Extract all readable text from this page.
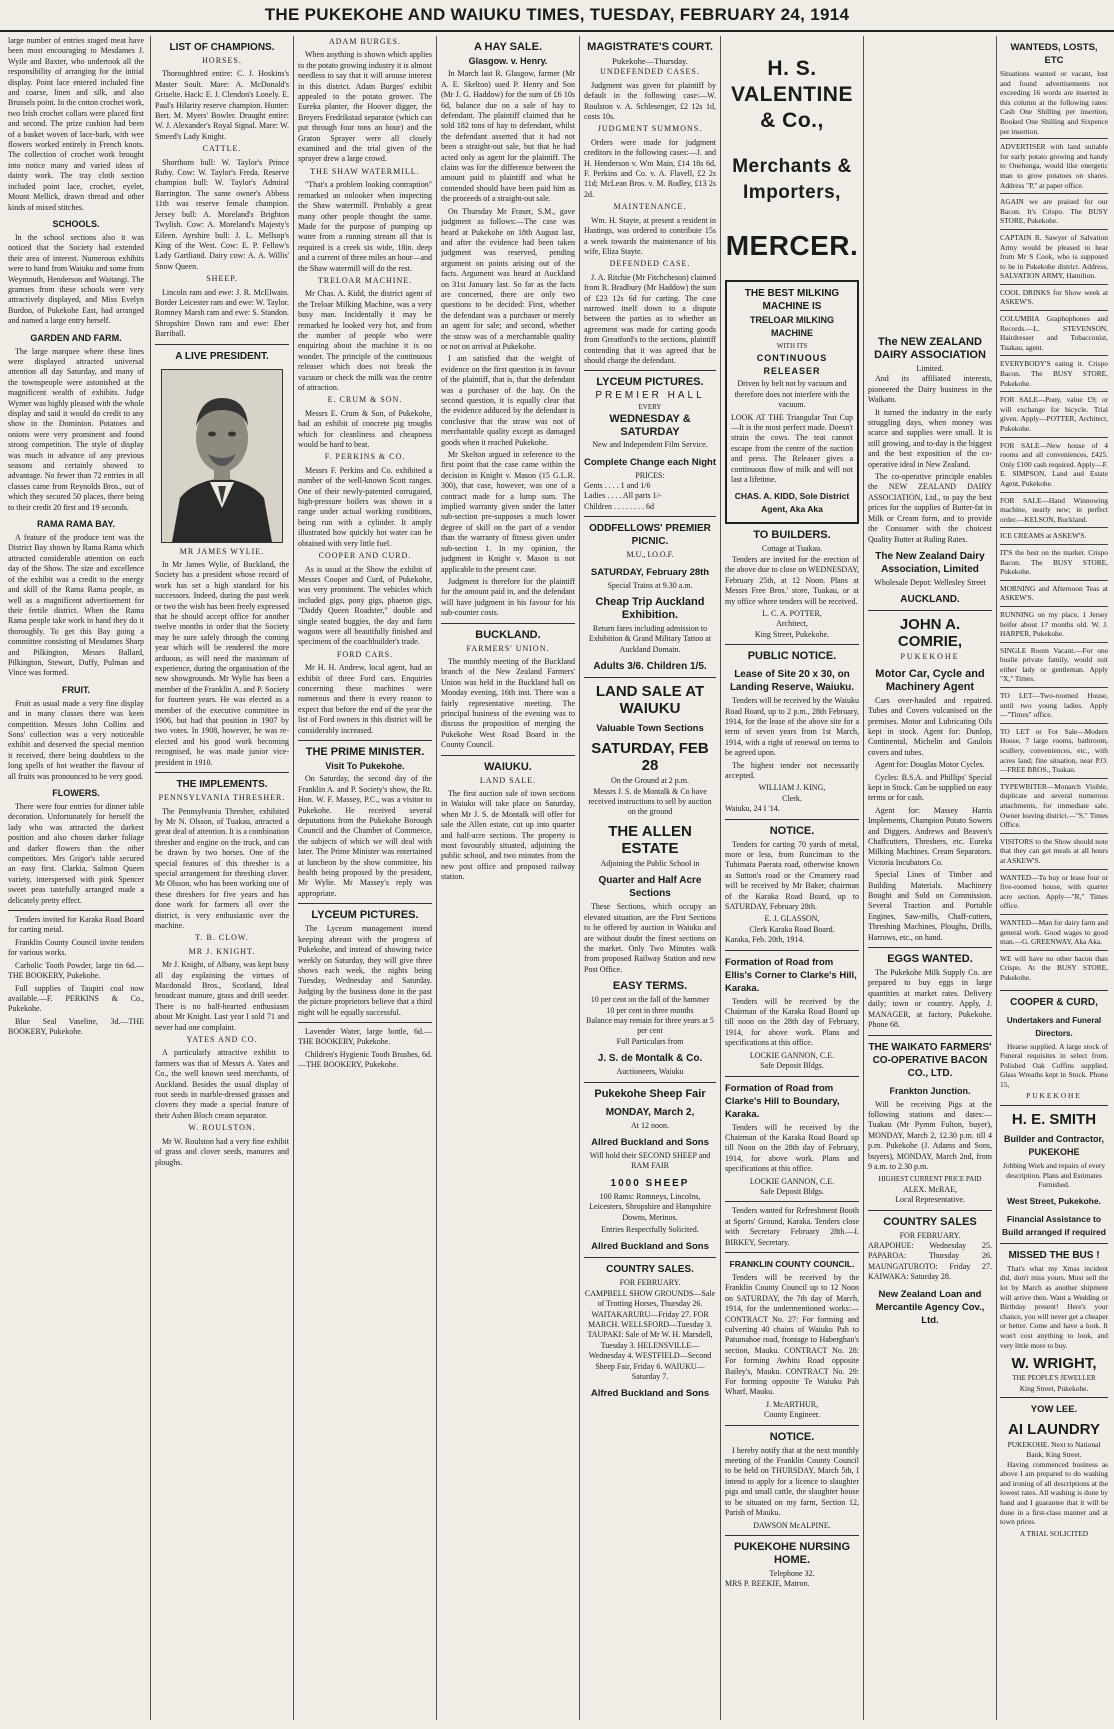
THE PUKEKOHE AND WAIUKU TIMES, TUESDAY, FEBRUARY 24, 1914

large number of entries staged meat have been most encouraging to Mesdames J. Wyile and Baxter, who undertook all the responsibility of arranging for the initial display. Point lace entered included fine and coarse, linen and silk, and also Brussels point. In the cotton crochet work, two Irish crochet collars were placed first and second. The prize cushion had been of a basket woven of lace-bark, with wee flowers worked entirely in French knots. The collection of crochet work brought into notice many and varied ideas of dainty work. The tray cloth section included point lace, crochet, eyelet, Mount Mellick, drawn thread and other kinds of mixed stitches.

SCHOOLS.

In the school sections also it was noticed that the Society had extended their area of interest. Numerous exhibits were to hand from Waiuku and some from Weymouth, Henderson and Waitangi. The gramses from these schools were very attractively displayed, and Miss Evelyn Burdon, of Pukekohe East, had arranged and named a large entry herself.

GARDEN AND FARM.

The large marquee where these lines were displayed attracted universal attention all day Saturday, and many of the townspeople were astonished at the magnificent wealth of exhibits. Judge Wymer was highly pleased with the whole display and said it would do credit to any show in the Dominion. Potatoes and onions were very prominent and found strong competition. The style of display was much in advance of any previous seasons and certainly showed to advantage. No fewer than 72 entries in all classes came from Reynolds Bros., out of which they secured 50 places, there being to their credit 20 first and 19 seconds.

RAMA RAMA BAY.

A feature of the produce tent was the District Bay shown by Rama Rama which attracted considerable attention on each day of the Show. The size and excellence of the exhibit was a credit to the energy and skill of the Rama Rama people, as well as a magnificent advertisement for their fertile district. When the Rama Rama people take work in hand they do it thoroughly. To get this Bay going a committee consisting of Mesdames Sharp and Pilkington, Messrs Ballard, Pilkington, Stewart, Duffy, Pulman and Vince was formed.

FRUIT.

Fruit as usual made a very fine display and in many classes there was keen competition. Messrs John Collins and Sons' collection was a very noticeable exhibit and deserved the special mention it received, there being doubtless to the long spells of hot weather the flavour of all fruits was pronounced to be very good.

FLOWERS.

There were four entries for dinner table decoration. Unfortunately for herself the lady who was attracted the darkest position and also chosen darker foliage and darker flowers than the other competitors. Mrs Grigor's table secured an easy first. Clarkia, Salmon Queen variety, interspersed with pink Spencer sweet peas tastefully arranged made a delicately pretty effect.

Tenders invited for Karaka Road Board for carting metal.

Franklin County Council invite tenders for various works.

Carbolic Tooth Powder, large tin 6d.—THE BOOKERY, Pukekohe.

Full supplies of Taupiri coal now available.—F. PERKINS & Co., Pukekohe.

Blue Seal Vaseline, 3d.—THE BOOKERY, Pukekohe.

LIST OF CHAMPIONS.
HORSES.

Thoroughbred entire: C. J. Hoskins's Master Soult. Mare: A. McDonald's Griselte. Hack: E. J. Clendon's Lonely. E. Paul's Hilarity reserve champion. Hunter: Bert. M. Myers' Bowler. Draught entire: W. J. Alexander's Royal Signal. Mare: W. Smeed's Lady Knight.

CATTLE.

Shorthorn bull: W. Taylor's Prince Ruby. Cow: W. Taylor's Freda. Reserve champion bull: W. Taylor's Admiral Barrington. The same owner's Abbess 11th was reserve female champion. Jersey bull: A. Moreland's Brighton Twylish. Cow: A. Moreland's Majesty's Eileen. Ayrshire bull: J. L. Mellsop's King of the West. Cow: E. P. Fellow's Lady Gartliand. Dairy cow: A. A. Willis' Snow Queen.

SHEEP.

Lincoln ram and ewe: J. R. McElwain. Border Leicester ram and ewe: W. Taylor. Romney Marsh ram and ewe: S. Standon. Shropshire Down ram and ewe: Eber Barriball.

A LIVE PRESIDENT.
MR JAMES WYLIE.

In Mr James Wylie, of Buckland, the Society has a president whose record of work has set a high standard for his successors. Indeed, during the past week or two the wish has been freely expressed that he should accept office for another twelve months in order that the Society may be sure safely through the coming year which will be rendered the more arduous, as will need the maximum of experience, during the organisation of the new showgrounds. Mr Wylie has been a member of the Franklin A. and P. Society for fourteen years. He was elected as a member of the executive committee in 1906, but had that position in 1907 by two votes. In 1908, however, he was re-elected and his good work becoming recognised, he was made junior vice-president in 1910.

THE IMPLEMENTS.
PENNSYLVANIA THRESHER.

The Pennsylvania Thresher, exhibited by Mr N. Olsson, of Tuakau, attracted a great deal of attention. It is a combination thresher and engine on the truck, and can be drawn by two horses. One of the special features of this thresher is a special arrangement for threshing clover. Mr Olsson, who has been working one of these threshers for five years and has done work for farmers all over the district, is very enthusiastic over the machine.

T. B. CLOW.
MR J. KNIGHT.

Mr J. Knight, of Albany, was kept busy all day explaining the virtues of Macdonald Bros., Scotland, Ideal broadcast manure, grass and drill seeder. There is no half-hearted enthusiasm about Mr Knight. Last year I sold 71 and never had one complaint.

YATES AND CO.

A particularly attractive exhibit to farmers was that of Messrs A. Yates and Co., the well known seed merchants, of Auckland. Besides the usual display of root seeds in marble-dressed grasses and clovers they made a special feature of their Ashen Bloch cream separator.

W. ROULSTON.

Mr W. Roulston had a very fine exhibit of grass and clover seeds, manures and ploughs.

ADAM BURGES.

When anything is shown which applies to the potato growing industry it is almost needless to say that it will arouse interest in this district. Adam Burges' exhibit appealed to the potato grower. The Eureka planter, the Hoover digger, the Breyers Fredrikstad separator (which can put through four tons an hour) and the Graton Sprayer were all closely examined and the trial given of the sprayer drew a large crowd.

THE SHAW WATERMILL.

"That's a problem looking contraption" remarked an onlooker when inspecting the Shaw watermill. Probably a great many other people thought the same. Made for the purpose of pumping up water from a running stream all that is required is a creek six wide, 18in. deep and a current of three miles an hour—and the Shaw watermill will do the rest.

TRELOAR MACHINE.

Mr Chas. A. Kidd, the district agent of the Treloar Milking Machine, was a very busy man. Incidentally it may be remarked he looked very hot, and from the number of people who were enquiring about the machine it is no wonder. The principle of the continuous releaser which does not break the vacuum or check the milk was the centre of attraction.

E. CRUM & SON.

Messrs E. Crum & Son, of Pukekohe, had an exhibit of concrete pig troughs which for cleanliness and cheapness would be hard to beat.

F. PERKINS & CO.

Messrs F. Perkins and Co. exhibited a number of the well-known Scott ranges. One of their newly-patented corrugated, high-pressure boilers was shown in a range under actual working conditions, being run with a cylinder. It amply illustrated how quickly hot water can be obtained with very little fuel.

COOPER AND CURD.

As is usual at the Show the exhibit of Messrs Cooper and Curd, of Pukekohe, was very prominent. The vehicles which included gigs, pony gigs, phaeton gigs, "Daddy Queen Roadster," double and single seated buggies, the day and farm wagons were all beautifully finished and specimens of the coachbuilder's trade.

FORD CARS.

Mr H. H. Andrew, local agent, had an exhibit of three Ford cars. Enquiries concerning these machines were numerous and there is every reason to expect that before the end of the year the list of Ford owners in this district will be considerably increased.

THE PRIME MINISTER.
Visit To Pukekohe.

On Saturday, the second day of the Franklin A. and P. Society's show, the Rt. Hon. W. F. Massey, P.C., was a visitor to Pukekohe. He received several deputations from the Pukekohe Borough Council and the Chamber of Commerce, the subjects of which we will deal with later. The Prime Minister was entertained at luncheon by the show committee, his health being proposed by the president, Mr Wylie. Mr Massey's reply was appropriate.

LYCEUM PICTURES.

The Lyceum management intend keeping abreast with the progress of Pukekohe, and instead of showing twice weekly on Saturday, they will give three shows each week, the nights being Tuesday, Wednesday and Saturday. Judging by the business done in the past the picture proprietors believe that a third night will be equally successful.

Lavender Water, large bottle, 6d.—THE BOOKERY, Pukekohe.

Children's Hygienic Tooth Brushes, 6d.—THE BOOKERY, Pukekohe.

A HAY SALE.
Glasgow. v. Henry.

In March last R. Glasgow, farmer (Mr A. E. Skelton) sued P. Henry and Son (Mr J. G. Haddow) for the sum of £6 10s 6d, balance due on a sale of hay to defendant. The plaintiff claimed that he sold 182 tons of hay to defendant, whilst the defendant asserted that it had not been a straight-out sale, but that he had acted only as agent for the plaintiff. The claim was for the difference between the amount paid to plaintiff and what he contended should have been paid him as the proceeds of a straight-out sale.

On Thursday Mr Fraser, S.M., gave judgment as follows:—The case was heard at Pukekohe on 18th August last, and after the evidence had been taken judgment was reserved, pending argument on points arising out of the facts. Argument was heard at Auckland on 31st January last. So far as the facts are concerned, there are only two questions to be decided: First, whether the defendant was a purchaser or merely an agent for sale; and second, whether the straw was of a merchantable quality or not on arrival at Pukekohe.

I am satisfied that the weight of evidence on the first question is in favour of the plaintiff, that is, that the defendant was a purchaser of the hay. On the second question, it is equally clear that the evidence adduced by the defendant is conclusive that the straw was not of merchantable quality except as damaged goods when it reached Pukekohe.

Mr Skelton argued in reference to the first point that the case came within the decision in Knight v. Mason (15 G.L.R. 300), that case, however, was one of a contract made for a lump sum. The implied warranty given under the latter sub-section pre-supposes a much lower degree of skill on the part of a vendor than the warranty of fitness given under sub-section 1. In my opinion, the judgment in Knight v. Mason is not applicable to the present case.

Judgment is therefore for the plaintiff for the amount paid in, and the defendant will have judgment in his favour for his sub-counter costs.

BUCKLAND.
FARMERS' UNION.

The monthly meeting of the Buckland branch of the New Zealand Farmers' Union was held in the Buckland hall on Monday evening, 16th inst. There was a fairly representative meeting. The principal business of the evening was to discuss the proposition of merging the Pukekohe West Road Board in the County Council.

WAIUKU.
LAND SALE.

The first auction sale of town sections in Waiuku will take place on Saturday, when Mr J. S. de Montalk will offer for sale the Allen estate, cut up into quarter and half-acre sections. The property is most favourably situated, adjoining the public school, and two minutes from the new post office and proposed railway station.

MAGISTRATE'S COURT.
Pukekohe—Thursday.
UNDEFENDED CASES.

Judgment was given for plaintiff by default in the following case:—W. Roulston v. A. Schlesenger, £2 12s 1d, costs 10s.

JUDGMENT SUMMONS.

Orders were made for judgment creditors in the following cases:—J. and H. Henderson v. Wm Main, £14 18s 6d, F. Perkins and Co. v. A. Flavell, £2 2s 11d; McLean Bros. v. M. Rodley, £13 2s 2d.

MAINTENANCE.

Wm. H. Stayte, at present a resident in Hastings, was ordered to contribute 15s a week towards the maintenance of his wife, Eliza Stayte.

DEFENDED CASE.

J. A. Ritchie (Mr Fitchcheson) claimed from R. Bradbury (Mr Haddow) the sum of £23 12s 6d for carting. The case narrowed itself down to a dispute between the parties as to whether an agreement was made for carting goods from Greatford's to the sections, plaintiff contending that it was agreed that he should charge the defendant.

LYCEUM PICTURES.
PREMIER HALL
EVERY
WEDNESDAY & SATURDAY
New and Independent Film Service.
Complete Change each Night
PRICES:
Gents . . . . 1 and 1/6
Ladies . . . . All parts 1/-
Children . . . . . . . . 6d
ODDFELLOWS' PREMIER PICNIC.
M.U., I.O.O.F.
SATURDAY, February 28th
Special Trains at 9.30 a.m.
Cheap Trip Auckland Exhibition.

Return fares including admission to Exhibition & Grand Military Tattoo at Auckland Domain.

Adults 3/6. Children 1/5.
LAND SALE AT WAIUKU
Valuable Town Sections
SATURDAY, FEB 28
On the Ground at 2 p.m.

Messrs J. S. de Montalk & Co have received instructions to sell by auction on the ground

THE ALLEN ESTATE
Adjoining the Public School in
Quarter and Half Acre Sections

These Sections, which occupy an elevated situation, are the First Sections to be offered by auction in Waiuku and are without doubt the finest sections on the market. Only Two Minutes walk from proposed Railway Station and new Post Office.

EASY TERMS.
10 per cent on the fall of the hammer
10 per cent in three months
Balance may remain for three years at 5 per cent
Full Particulars from
J. S. de Montalk & Co.
Auctioneers, Waiuku
Pukekohe Sheep Fair
MONDAY, March 2,
At 12 noon.
Allred Buckland and Sons
Will hold their SECOND SHEEP and RAM FAIR
1000 SHEEP

100 Rams: Romneys, Lincolns, Leicesters, Shropshire and Hampshire Downs, Merinos.

Entries Respectfully Solicited.
Allred Buckland and Sons
COUNTRY SALES.
FOR FEBRUARY.

CAMPBELL SHOW GROUNDS—Sale of Trotting Horses, Thursday 26. WAITAKARURU—Friday 27. FOR MARCH. WELLSFORD—Tuesday 3. TAUPAKI: Sale of Mr W. H. Marsdell, Tuesday 3. HELENSVILLE—Wednesday 4. WESTFIELD—Second Sheep Fair, Friday 6. WAIUKU—Saturday 7.

Alfred Buckland and Sons
H. S. VALENTINE & Co.,
Merchants & Importers,
MERCER.
THE BEST MILKING MACHINE IS
TRELOAR MILKING MACHINE
WITH ITS
CONTINUOUS RELEASER

Driven by belt not by vacuum and therefore does not interfere with the vacuum.

LOOK AT THE Triangular Teat Cup—It is the most perfect made. Doesn't strain the cows. The teat cannot escape from the centre of the suction and press. The Releaser gives a continuous flow of milk and will not last a lifetime.

CHAS. A. KIDD, Sole District Agent, Aka Aka
TO BUILDERS.
Cottage at Tuakau.

Tenders are invited for the erection of the above due to close on WEDNESDAY, February 25th, at 12 Noon. Plans at Messrs Free Bros.' store, Tuakau, or at my office where tenders will be received.

L. C. A. POTTER,
Architect,
King Street, Pukekohe.
PUBLIC NOTICE.
Lease of Site 20 x 30, on Landing Reserve, Waiuku.

Tenders will be received by the Waiuku Road Board, up to 2 p.m., 28th February, 1914, for the lease of the above site for a term of seven years from 1st March, 1914, with a right of renewal on terms to be agreed upon.

The highest tender not necessarily accepted.

WILLIAM J. KING,
Clerk.
Waiuku, 24 I '14.
NOTICE.

Tenders for carting 70 yards of metal, more or less, from Runciman to the Tuhimata Paerata road, otherwise known as Sutton's road or the Creamery road will be received by Mr Baker, chairman of the Karaka Road Board, up to SATURDAY, February 28th.

E. J. GLASSON,
Clerk Karaka Road Board.
Karaka, Feb. 20th, 1914.
Formation of Road from Ellis's Corner to Clarke's Hill, Karaka.

Tenders will be received by the Chairman of the Karaka Road Board up till noon on the 28th day of February, 1914, for above work. Plans and specifications at this office.

LOCKIE GANNON, C.E.
Safe Deposit Bldgs.
Formation of Road from Clarke's Hill to Boundary, Karaka.

Tenders will be received by the Chairman of the Karaka Road Board up till Noon on the 28th day of February, 1914, for above work. Plans and specifications at this office.

LOCKIE GANNON, C.E.
Safe Deposit Bldgs.

Tenders wanted for Refreshment Booth at Sports' Ground, Karaka. Tenders close with Secretary February 28th.—I. BIRKEY, Secretary.

FRANKLIN COUNTY COUNCIL.

Tenders will be received by the Franklin County Council up to 12 Noon on SATURDAY, the 7th day of March, 1914, for the undermentioned works:— CONTRACT No. 27: For forming and culverting 40 chains of Waiuku Pah to Patumahoe road, frontage to Haberghan's section, Mauku. CONTRACT No. 28: For forming Awhitu Road opposite Bailey's, Mauku. CONTRACT No. 29: For forming opposite Te Waiuku Pah Wharf, Mauku.

J. McARTHUR,
County Engineer.
NOTICE.

I hereby notify that at the next monthly meeting of the Franklin County Council to be held on THURSDAY, March 5th, I intend to apply for a licence to slaughter pigs and small cattle, the slaughter house to be situated on my farm, Section 12, Parish of Mauku.

DAWSON McALPINE.
PUKEKOHE NURSING HOME.
Telephone 32.
MRS P. REEKIE, Matron.
The NEW ZEALAND DAIRY ASSOCIATION
Limited.

And its affiliated interests, pioneered the Dairy business in the Waikato.

It turned the industry in the early struggling days, when money was scarce and supplies were small. It is still growing, and to-day is the biggest and the best exposition of the co-operative ideal in New Zealand.

The co-operative principle enables the NEW ZEALAND DAIRY ASSOCIATION, Ltd., to pay the best prices for the supplies of Butter-fat in Milk or Cream form, and to provide the Consumer with the choicest Quality Butter at Ruling Rates.

The New Zealand Dairy Association, Limited
Wholesale Depot: Wellesley Street
AUCKLAND.
JOHN A. COMRIE,
PUKEKOHE
Motor Car, Cycle and Machinery Agent

Cars over-hauled and repaired. Tubes and Covers vulcanised on the premises. Motor and Lubricating Oils kept in stock. Agent for: Dunlop, Continental, Michelin and Gaulois covers and tubes.

Agent for: Douglas Motor Cycles.

Cycles: B.S.A. and Phillips' Special kept in Stock. Can be supplied on easy terms or for cash.

Agent for: Massey Harris Implements, Champion Potato Sowers and Diggers. Andrews and Beaven's Chaffcutters, Threshers, etc. Eureka Milking Machines. Cream Separators. Victoria Incubators Co.

Special Lines of Timber and Building Materials. Machinery Bought and Sold on Commission. Several Traction and Portable Engines, Saw-mills, Chaff-cutters, Threshing Machines, Ploughs, Drills, Harrows, etc., on hand.

EGGS WANTED.

The Pukekohe Milk Supply Co. are prepared to buy eggs in large quantities at market rates. Delivery daily; town or country. Apply, J. MANAGER, at factory, Pukekohe. Phone 68.

THE WAIKATO FARMERS' CO-OPERATIVE BACON CO., LTD.
Frankton Junction.

Will be receiving Pigs at the following stations and dates:— Tuakau (Mr Pymm Fulton, buyer), MONDAY, March 2, 12.30 p.m. till 4 p.m. Pukekohe (J. Adams and Sons, buyers), MONDAY, March 2nd, from 9 a.m. to 2.30 p.m.

HIGHEST CURRENT PRICE PAID
ALEX. McRAE,
Local Representative.
COUNTRY SALES
FOR FEBRUARY.

ARAPOHUE: Wednesday 25. PAPAROA: Thursday 26. MAUNGATUROTO: Friday 27. KAIWAKA: Saturday 28.

New Zealand Loan and Mercantile Agency Cov., Ltd.
WANTEDS, LOSTS, ETC

Situations wanted or vacant, lost and found advertisements not exceeding 16 words are inserted in this column at the following rates: Cash One Shilling per insertion, Booked One Shilling and Sixpence per insertion.

ADVERTISER with land suitable for early potato growing and handy to Onehunga, would like energetic man to grow potatoes on shares. Address "P," at paper office.
AGAIN we are praised for our Bacon. It's Crispo. The BUSY STORE, Pukekohe.
CAPTAIN R. Sawyer of Salvation Army would be pleased to hear from Mr S Cook, who is supposed to be in Pukekohe district. Address, SALVATION ARMY, Hamilton.
COOL DRINKS for Show week at ASKEW'S.
COLUMBIA Graphophones and Records.—L. STEVENSON, Hairdresser and Tobacconist, Tuakau, agent.
EVERYBODY'S eating it. Crispo Bacon. The BUSY STORE, Pukekohe.
FOR SALE—Pony, value £9; or will exchange for bicycle. Trial given. Apply—POTTER, Architect, Pukekohe.
FOR SALE—New house of 4 rooms and all conveniences, £425. Only £100 cash required. Apply—F. E. SIMPSON, Land and Estate Agent, Pukekohe.
FOR SALE—Hand Winnowing machine, nearly new; in perfect order.—KELSON, Buckland.
ICE CREAMS at ASKEW'S.
IT'S the best on the market. Crispo Bacon. The BUSY STORE, Pukekohe.
MORNING and Afternoon Teas at ASKEW'S.
RUNNING on my place, 1 Jersey heifer about 17 months old. W. J. HARPER, Pukekohe.
SINGLE Room Vacant.—For one buslie private family, would suit either lady or gentleman. Apply "X," Times.
TO LET—Two-roomed House, until two young ladies. Apply—"Times" office.
TO LET or For Sale—Modern House, 7 large rooms, bathroom, scullery, conveniences, etc., with acres land; fine situation, near P.O.—FREE BROS., Tuakau.
TYPEWRITER—Monarch Visible, duplicate and several numerous attachments, for immediate sale. Owner leaving district.—"S." Times Office.
VISITORS to the Show should note that they can get meals at all hours at ASKEW'S.
WANTED—To buy or lease four or five-roomed house, with quarter acre section. Apply—"R," Times office.
WANTED—Man for dairy farm and general work. Good wages to good man.—G. GREENWAY, Aka Aka.
WE will have no other bacon than Crispo. At the BUSY STORE, Pukekohe.
COOPER & CURD,
Undertakers and Funeral Directors.

Hearse supplied. A large stock of Funeral requisites in select from. Polished Oak Coffins supplied. Glass Wreaths kept in Stock. Phone 15,

PUKEKOHE
H. E. SMITH
Builder and Contractor, PUKEKOHE

Jobbing Work and repairs of every description. Plans and Estimates Furnished.

West Street, Pukekohe.
Financial Assistance to Build arranged if required
MISSED THE BUS !

That's what my Xmas incident did, don't miss yours. Must sell the lot by March as another shipment will arrive then. Want a Wedding or Birthday present! Here's your chance, you will never get a cheaper or better. Come and have a look. It won't cost anything to look, and very little more to buy.

W. WRIGHT,
THE PEOPLE'S JEWELLER
King Street, Pukekohe.
YOW LEE.
AI LAUNDRY
PUKEKOHE. Next to National Bank, King Street.

Having commenced business as above I am prepared to do washing and ironing of all descriptions at the lowest rates. All washing is done by hand and I guarantee that it will be done in a first-class manner and at town prices.

A TRIAL SOLICITED
